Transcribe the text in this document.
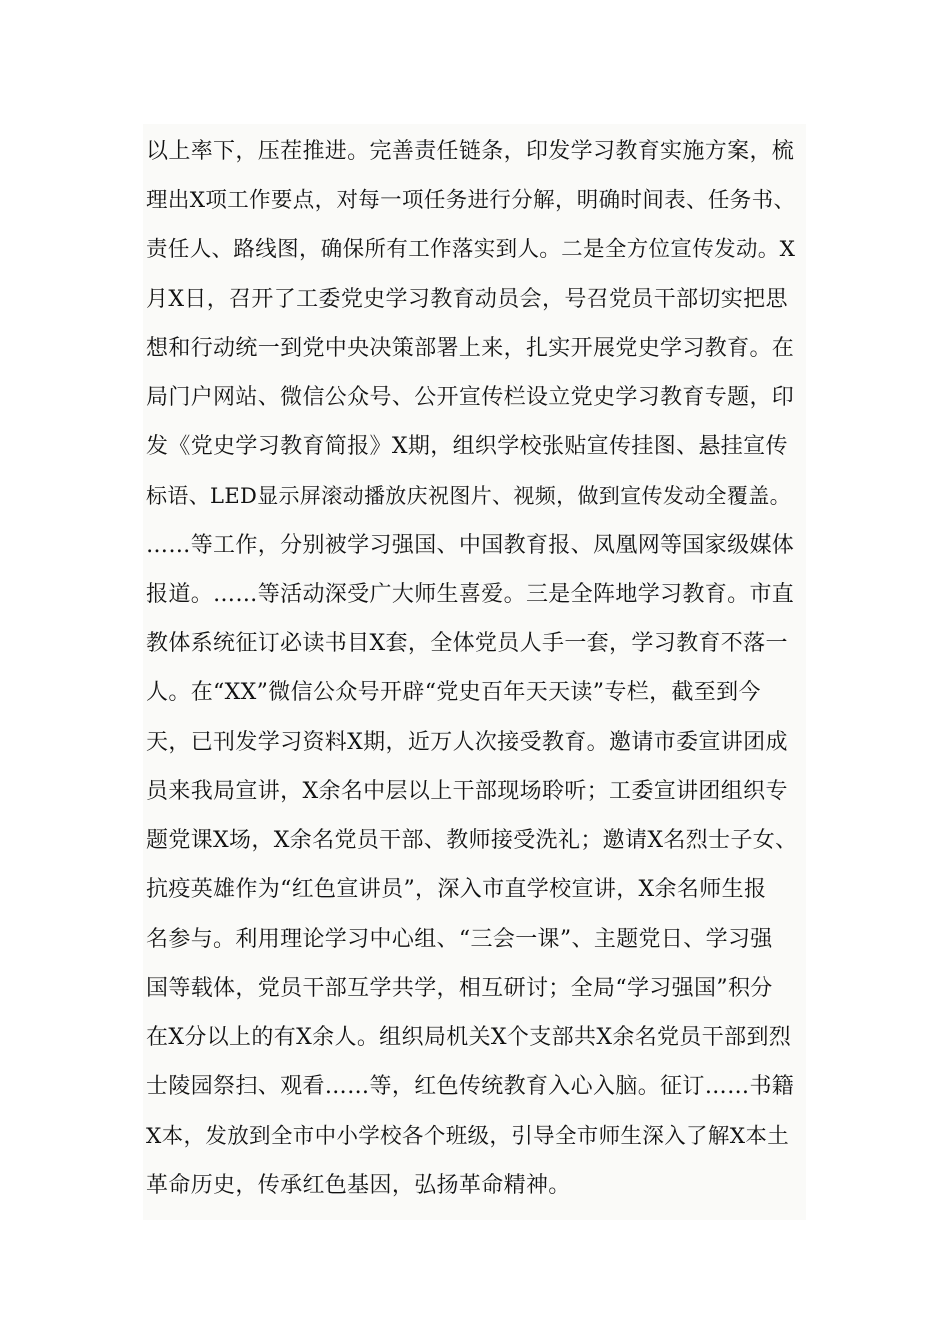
以上率下，压茬推进。完善责任链条，印发学习教育实施方案，梳
理出X项工作要点，对每一项任务进行分解，明确时间表、任务书、
责任人、路线图，确保所有工作落实到人。二是全方位宣传发动。X
月X日，召开了工委党史学习教育动员会，号召党员干部切实把思
想和行动统一到党中央决策部署上来，扎实开展党史学习教育。在
局门户网站、微信公众号、公开宣传栏设立党史学习教育专题，印
发《党史学习教育简报》X期，组织学校张贴宣传挂图、悬挂宣传
标语、LED显示屏滚动播放庆祝图片、视频，做到宣传发动全覆盖。
……等工作，分别被学习强国、中国教育报、凤凰网等国家级媒体
报道。……等活动深受广大师生喜爱。三是全阵地学习教育。市直
教体系统征订必读书目X套，全体党员人手一套，学习教育不落一
人。在“XX”微信公众号开辟“党史百年天天读”专栏，截至到今
天，已刊发学习资料X期，近万人次接受教育。邀请市委宣讲团成
员来我局宣讲，X余名中层以上干部现场聆听；工委宣讲团组织专
题党课X场，X余名党员干部、教师接受洗礼；邀请X名烈士子女、
抗疫英雄作为“红色宣讲员”，深入市直学校宣讲，X余名师生报
名参与。利用理论学习中心组、“三会一课”、主题党日、学习强
国等载体，党员干部互学共学，相互研讨；全局“学习强国”积分
在X分以上的有X余人。组织局机关X个支部共X余名党员干部到烈
士陵园祭扫、观看……等，红色传统教育入心入脑。征订……书籍
X本，发放到全市中小学校各个班级，引导全市师生深入了解X本土
革命历史，传承红色基因，弘扬革命精神。
